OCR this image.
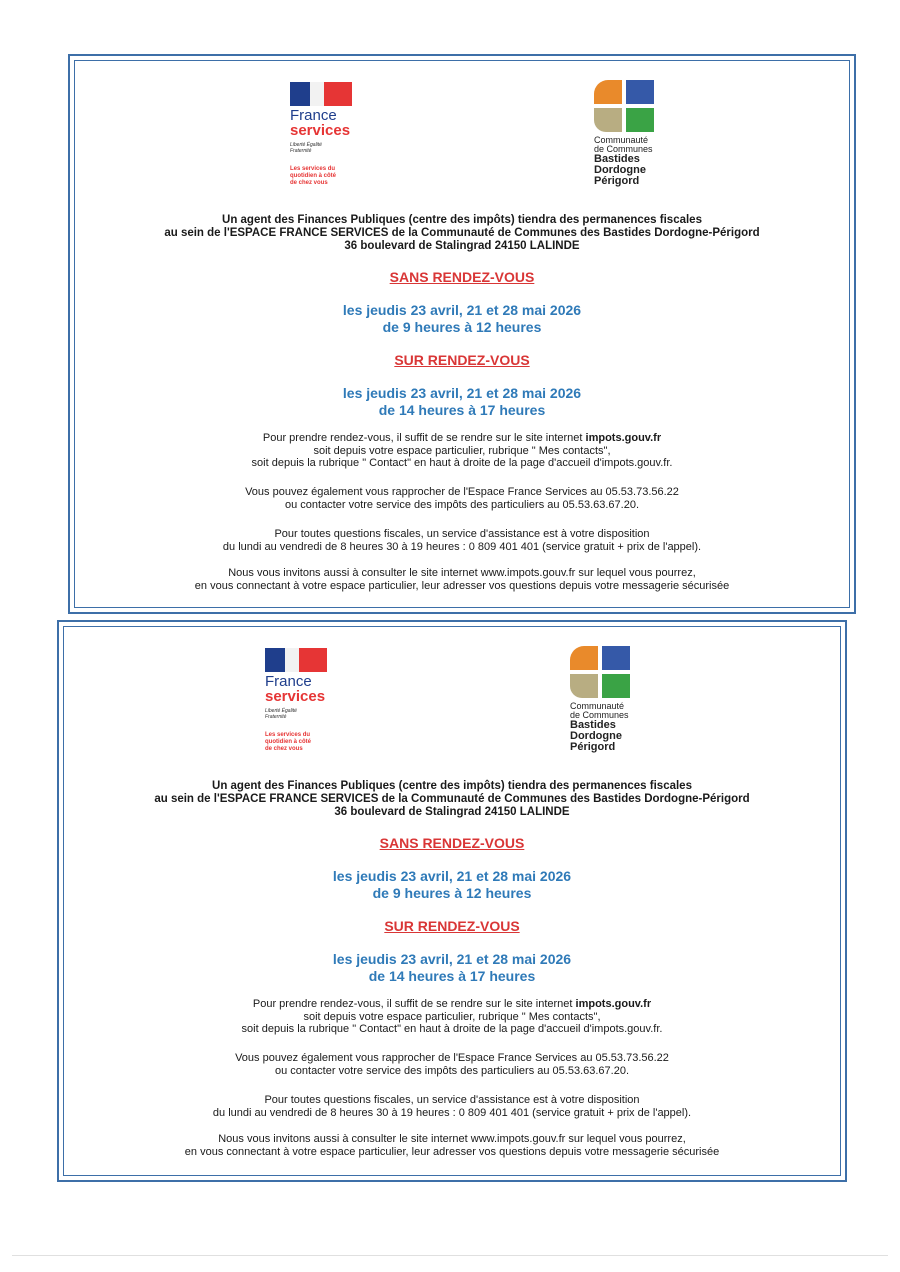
France
services
Liberté Égalité Fraternité
Les services du quotidien à côté de chez vous
Communauté
de Communes
Bastides
Dordogne
Périgord
Un agent des Finances Publiques (centre des impôts) tiendra des permanences fiscales
au sein de l'ESPACE FRANCE SERVICES de la Communauté de Communes des Bastides Dordogne-Périgord
36 boulevard de Stalingrad 24150 LALINDE
SANS RENDEZ-VOUS
les jeudis 23 avril, 21 et 28 mai 2026
de 9 heures à 12 heures
SUR RENDEZ-VOUS
les jeudis 23 avril, 21 et 28 mai 2026
de 14 heures à 17 heures
Pour prendre rendez-vous, il suffit de se rendre sur le site internet impots.gouv.fr
soit depuis votre espace particulier, rubrique " Mes contacts",
soit depuis la rubrique " Contact" en haut à droite de la page d'accueil d'impots.gouv.fr.
Vous pouvez également vous rapprocher de l'Espace France Services au 05.53.73.56.22
ou contacter votre service des impôts des particuliers au 05.53.63.67.20.
Pour toutes questions fiscales, un service d'assistance est à votre disposition
du lundi au vendredi de 8 heures 30 à 19 heures : 0 809 401 401 (service gratuit + prix de l'appel).
Nous vous invitons aussi à consulter le site internet www.impots.gouv.fr sur lequel vous pourrez,
en vous connectant à votre espace particulier, leur adresser vos questions depuis votre messagerie sécurisée
France
services
Liberté Égalité Fraternité
Les services du quotidien à côté de chez vous
Communauté
de Communes
Bastides
Dordogne
Périgord
Un agent des Finances Publiques (centre des impôts) tiendra des permanences fiscales
au sein de l'ESPACE FRANCE SERVICES de la Communauté de Communes des Bastides Dordogne-Périgord
36 boulevard de Stalingrad 24150 LALINDE
SANS RENDEZ-VOUS
les jeudis 23 avril, 21 et 28 mai 2026
de 9 heures à 12 heures
SUR RENDEZ-VOUS
les jeudis 23 avril, 21 et 28 mai 2026
de 14 heures à 17 heures
Pour prendre rendez-vous, il suffit de se rendre sur le site internet impots.gouv.fr
soit depuis votre espace particulier, rubrique " Mes contacts",
soit depuis la rubrique " Contact" en haut à droite de la page d'accueil d'impots.gouv.fr.
Vous pouvez également vous rapprocher de l'Espace France Services au 05.53.73.56.22
ou contacter votre service des impôts des particuliers au 05.53.63.67.20.
Pour toutes questions fiscales, un service d'assistance est à votre disposition
du lundi au vendredi de 8 heures 30 à 19 heures : 0 809 401 401 (service gratuit + prix de l'appel).
Nous vous invitons aussi à consulter le site internet www.impots.gouv.fr sur lequel vous pourrez,
en vous connectant à votre espace particulier, leur adresser vos questions depuis votre messagerie sécurisée
